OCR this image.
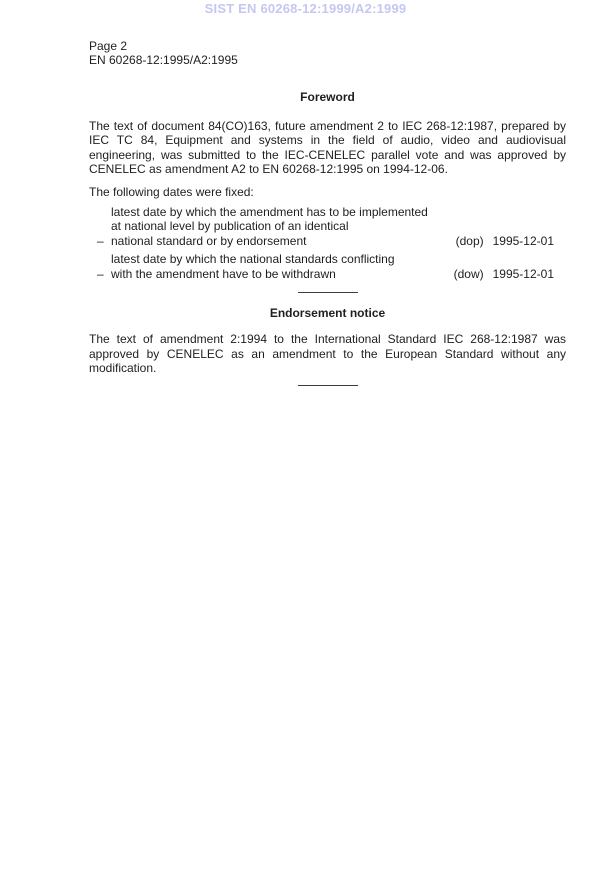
SIST EN 60268-12:1999/A2:1999
Page 2
EN 60268-12:1995/A2:1995
Foreword

The text of document 84(CO)163, future amendment 2 to IEC 268-12:1987, prepared by IEC TC 84, Equipment and systems in the field of audio, video and audiovisual engineering, was submitted to the IEC-CENELEC parallel vote and was approved by CENELEC as amendment A2 to EN 60268-12:1995 on 1994-12-06.

The following dates were fixed:

–
latest date by which the amendment has to be implemented
at national level by publication of an identical
national standard or by endorsement	(dop) 1995-12-01
–
latest date by which the national standards conflicting
with the amendment have to be withdrawn	(dow) 1995-12-01
Endorsement notice

The text of amendment 2:1994 to the International Standard IEC 268-12:1987 was approved by CENELEC as an amendment to the European Standard without any modification.
